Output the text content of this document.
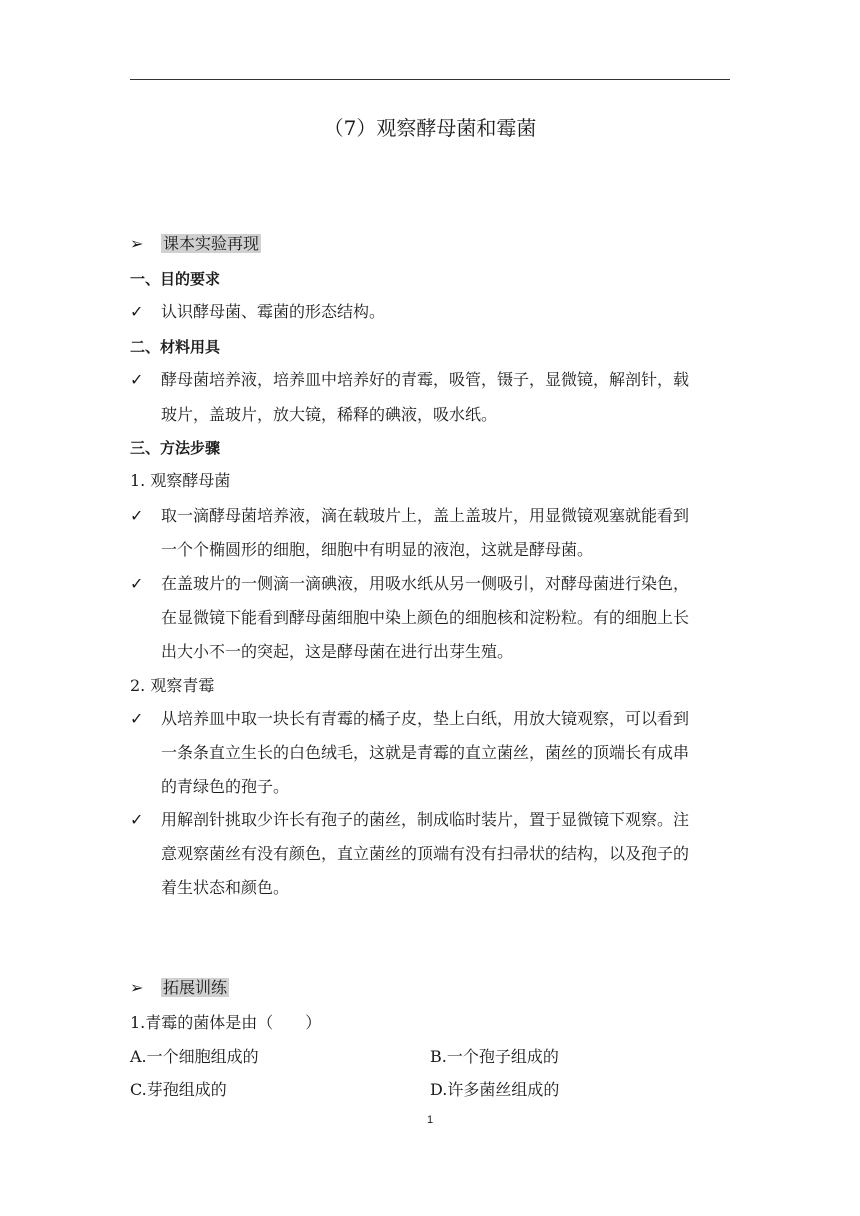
（7）观察酵母菌和霉菌
➢	课本实验再现
一、目的要求
✓	认识酵母菌、霉菌的形态结构。
二、材料用具
✓	酵母菌培养液，培养皿中培养好的青霉，吸管，镊子，显微镜，解剖针，载
玻片，盖玻片，放大镜，稀释的碘液，吸水纸。
三、方法步骤
1. 观察酵母菌
✓	取一滴酵母菌培养液，滴在载玻片上，盖上盖玻片，用显微镜观塞就能看到
一个个椭圆形的细胞，细胞中有明显的液泡，这就是酵母菌。
✓	在盖玻片的一侧滴一滴碘液，用吸水纸从另一侧吸引，对酵母菌进行染色，
在显微镜下能看到酵母菌细胞中染上颜色的细胞核和淀粉粒。有的细胞上长
出大小不一的突起，这是酵母菌在进行出芽生殖。
2. 观察青霉
✓	从培养皿中取一块长有青霉的橘子皮，垫上白纸，用放大镜观察，可以看到
一条条直立生长的白色绒毛，这就是青霉的直立菌丝，菌丝的顶端长有成串
的青绿色的孢子。
✓	用解剖针挑取少许长有孢子的菌丝，制成临时装片，置于显微镜下观察。注
意观察菌丝有没有颜色，直立菌丝的顶端有没有扫帚状的结构，以及孢子的
着生状态和颜色。
➢	拓展训练
1.青霉的菌体是由（　　）
A.一个细胞组成的	B.一个孢子组成的
C.芽孢组成的	D.许多菌丝组成的
1
